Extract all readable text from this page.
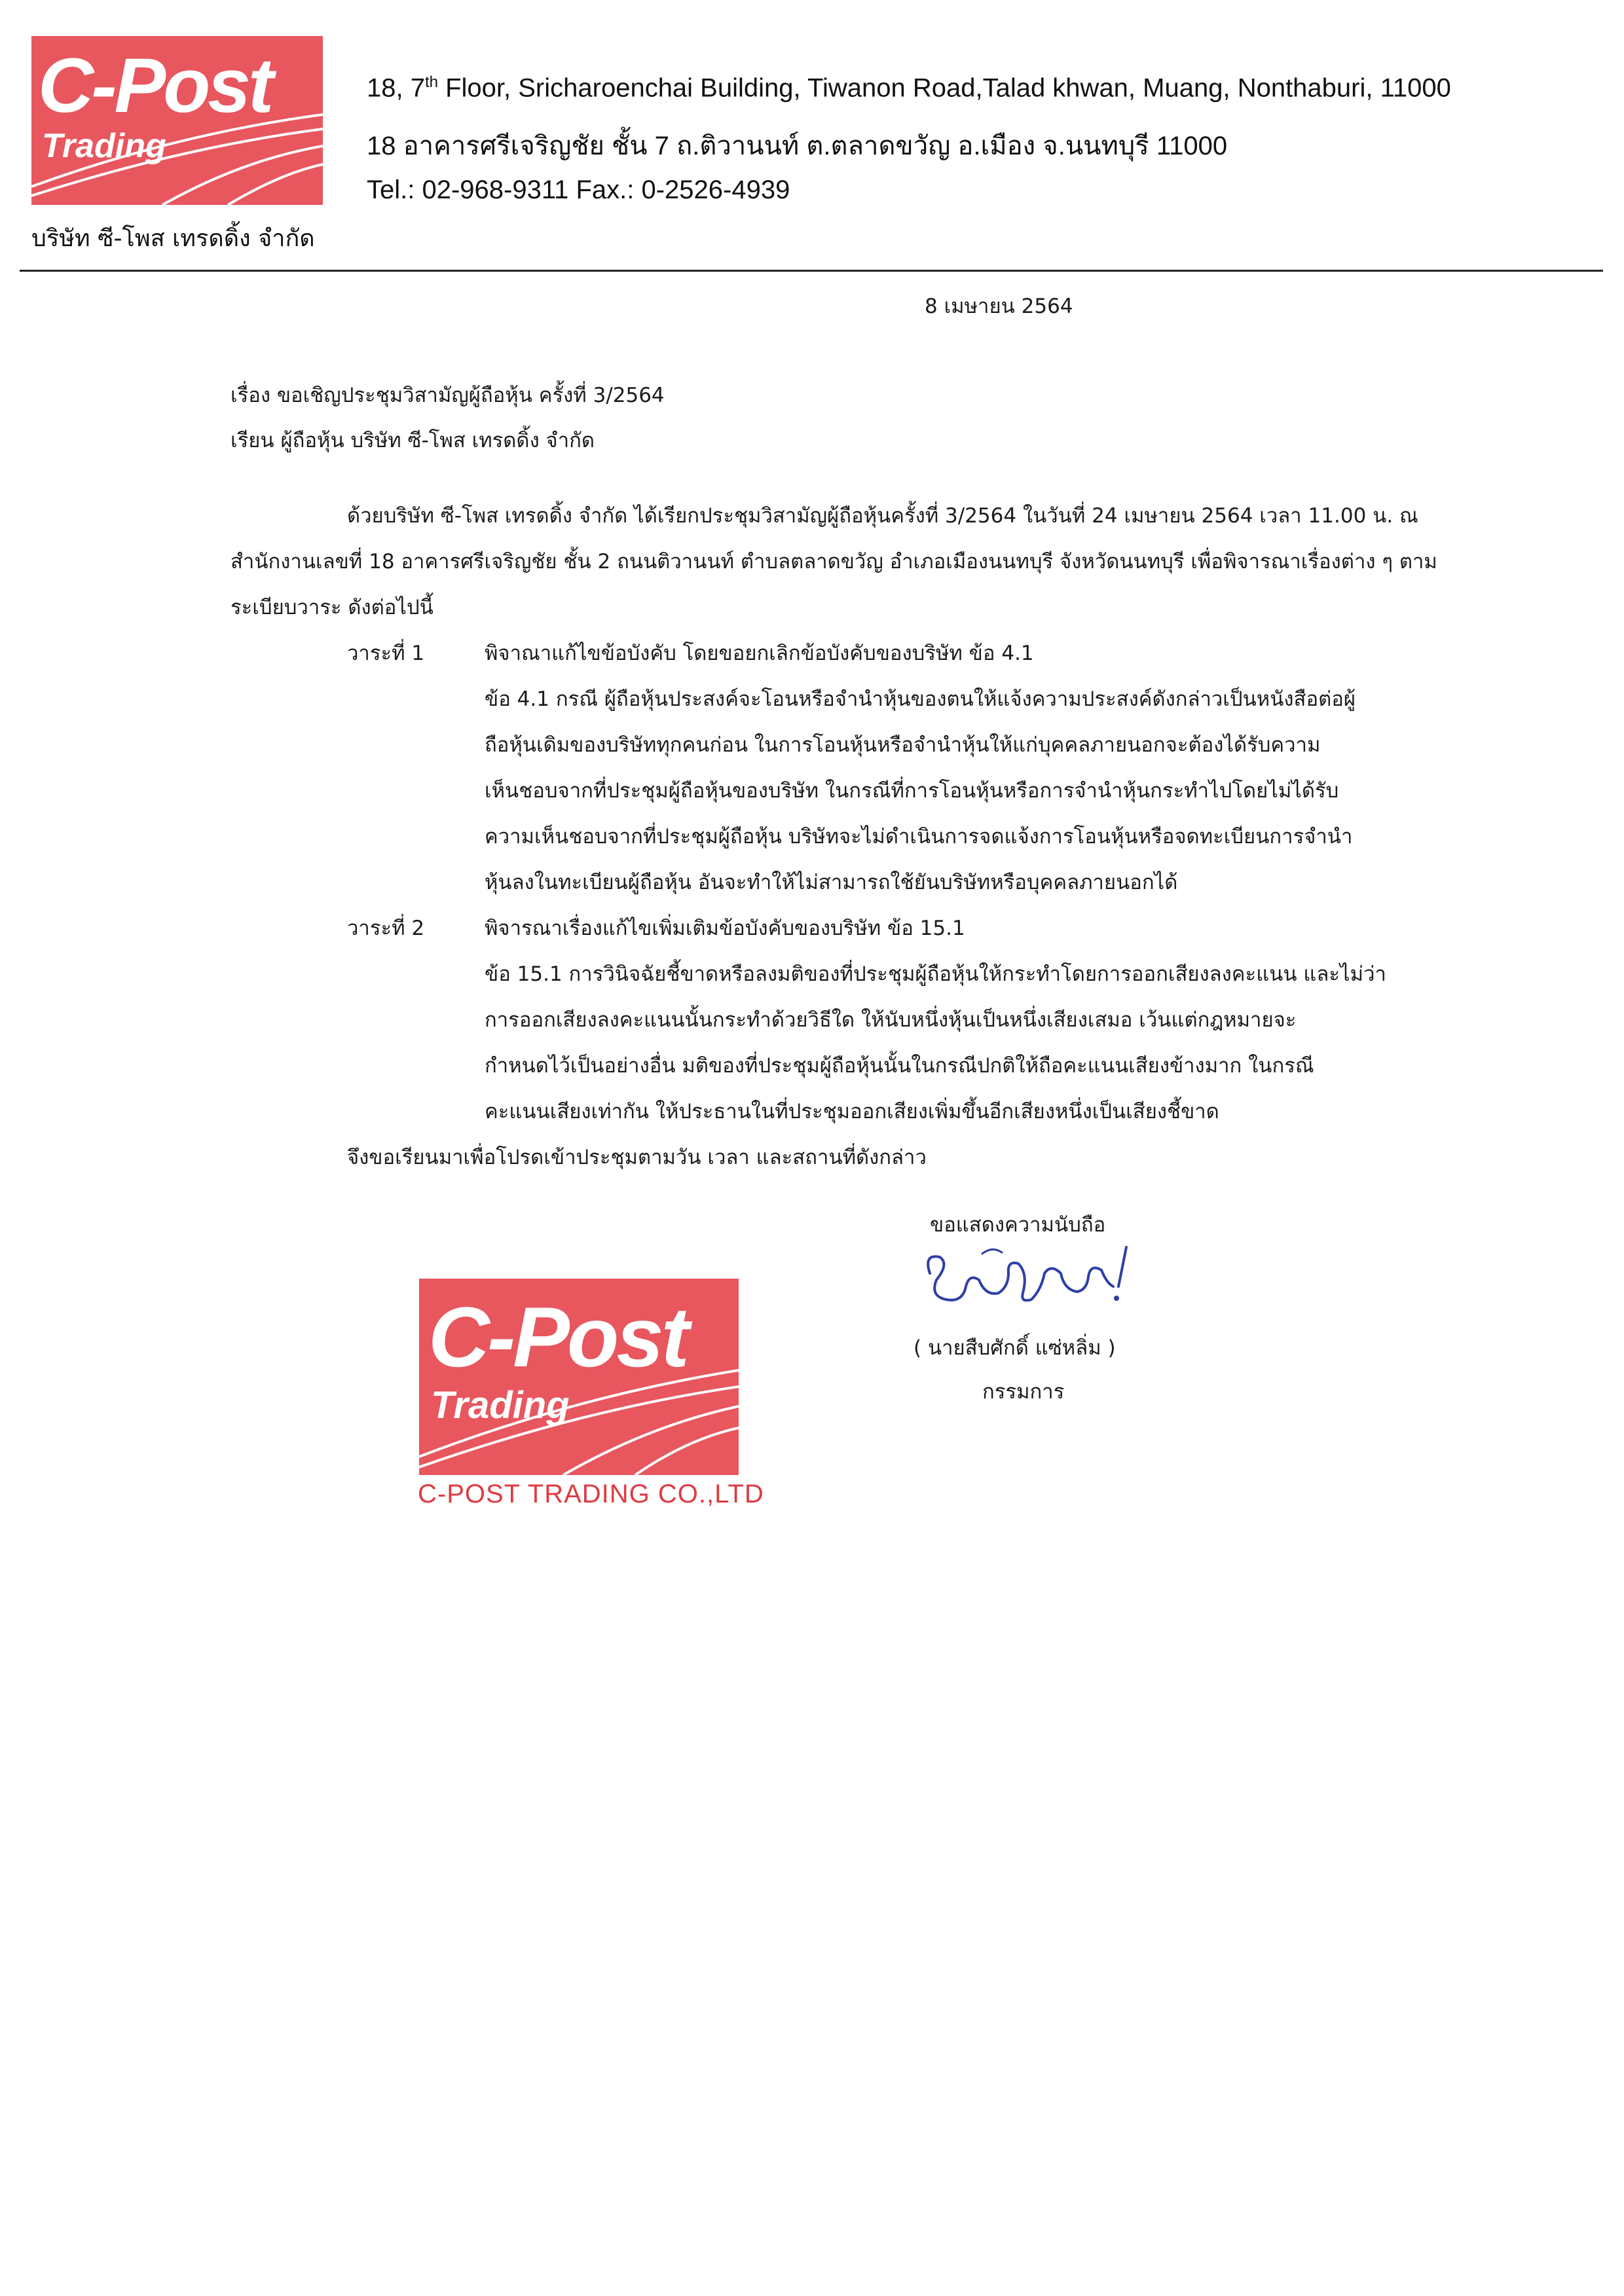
C-Post
Trading
บริษัท ซี-โพส เทรดดิ้ง จำกัด
18, 7th Floor, Sricharoenchai Building, Tiwanon Road,Talad khwan, Muang, Nonthaburi, 11000
18 อาคารศรีเจริญชัย ชั้น 7 ถ.ติวานนท์ ต.ตลาดขวัญ อ.เมือง จ.นนทบุรี 11000
Tel.: 02-968-9311 Fax.: 0-2526-4939
8 เมษายน 2564
เรื่อง ขอเชิญประชุมวิสามัญผู้ถือหุ้น ครั้งที่ 3/2564
เรียน ผู้ถือหุ้น บริษัท ซี-โพส เทรดดิ้ง จำกัด
ด้วยบริษัท ซี-โพส เทรดดิ้ง จำกัด ได้เรียกประชุมวิสามัญผู้ถือหุ้นครั้งที่ 3/2564 ในวันที่ 24 เมษายน 2564 เวลา 11.00 น. ณ
สำนักงานเลขที่ 18 อาคารศรีเจริญชัย ชั้น 2 ถนนติวานนท์ ตำบลตลาดขวัญ อำเภอเมืองนนทบุรี จังหวัดนนทบุรี เพื่อพิจารณาเรื่องต่าง ๆ ตาม
ระเบียบวาระ ดังต่อไปนี้
วาระที่ 1	พิจาณาแก้ไขข้อบังคับ โดยขอยกเลิกข้อบังคับของบริษัท ข้อ 4.1
ข้อ 4.1 กรณี ผู้ถือหุ้นประสงค์จะโอนหรือจำนำหุ้นของตนให้แจ้งความประสงค์ดังกล่าวเป็นหนังสือต่อผู้
ถือหุ้นเดิมของบริษัททุกคนก่อน ในการโอนหุ้นหรือจำนำหุ้นให้แก่บุคคลภายนอกจะต้องได้รับความ
เห็นชอบจากที่ประชุมผู้ถือหุ้นของบริษัท ในกรณีที่การโอนหุ้นหรือการจำนำหุ้นกระทำไปโดยไม่ได้รับ
ความเห็นชอบจากที่ประชุมผู้ถือหุ้น บริษัทจะไม่ดำเนินการจดแจ้งการโอนหุ้นหรือจดทะเบียนการจำนำ
หุ้นลงในทะเบียนผู้ถือหุ้น อันจะทำให้ไม่สามารถใช้ยันบริษัทหรือบุคคลภายนอกได้
วาระที่ 2	พิจารณาเรื่องแก้ไขเพิ่มเติมข้อบังคับของบริษัท ข้อ 15.1
ข้อ 15.1 การวินิจฉัยชี้ขาดหรือลงมติของที่ประชุมผู้ถือหุ้นให้กระทำโดยการออกเสียงลงคะแนน และไม่ว่า
การออกเสียงลงคะแนนนั้นกระทำด้วยวิธีใด ให้นับหนึ่งหุ้นเป็นหนึ่งเสียงเสมอ เว้นแต่กฎหมายจะ
กำหนดไว้เป็นอย่างอื่น มติของที่ประชุมผู้ถือหุ้นนั้นในกรณีปกติให้ถือคะแนนเสียงข้างมาก ในกรณี
คะแนนเสียงเท่ากัน ให้ประธานในที่ประชุมออกเสียงเพิ่มขึ้นอีกเสียงหนึ่งเป็นเสียงชี้ขาด
จึงขอเรียนมาเพื่อโปรดเข้าประชุมตามวัน เวลา และสถานที่ดังกล่าว
ขอแสดงความนับถือ
( นายสืบศักดิ์ แซ่หลิ่ม )
กรรมการ
C-Post
Trading
C-POST TRADING CO.,LTD
